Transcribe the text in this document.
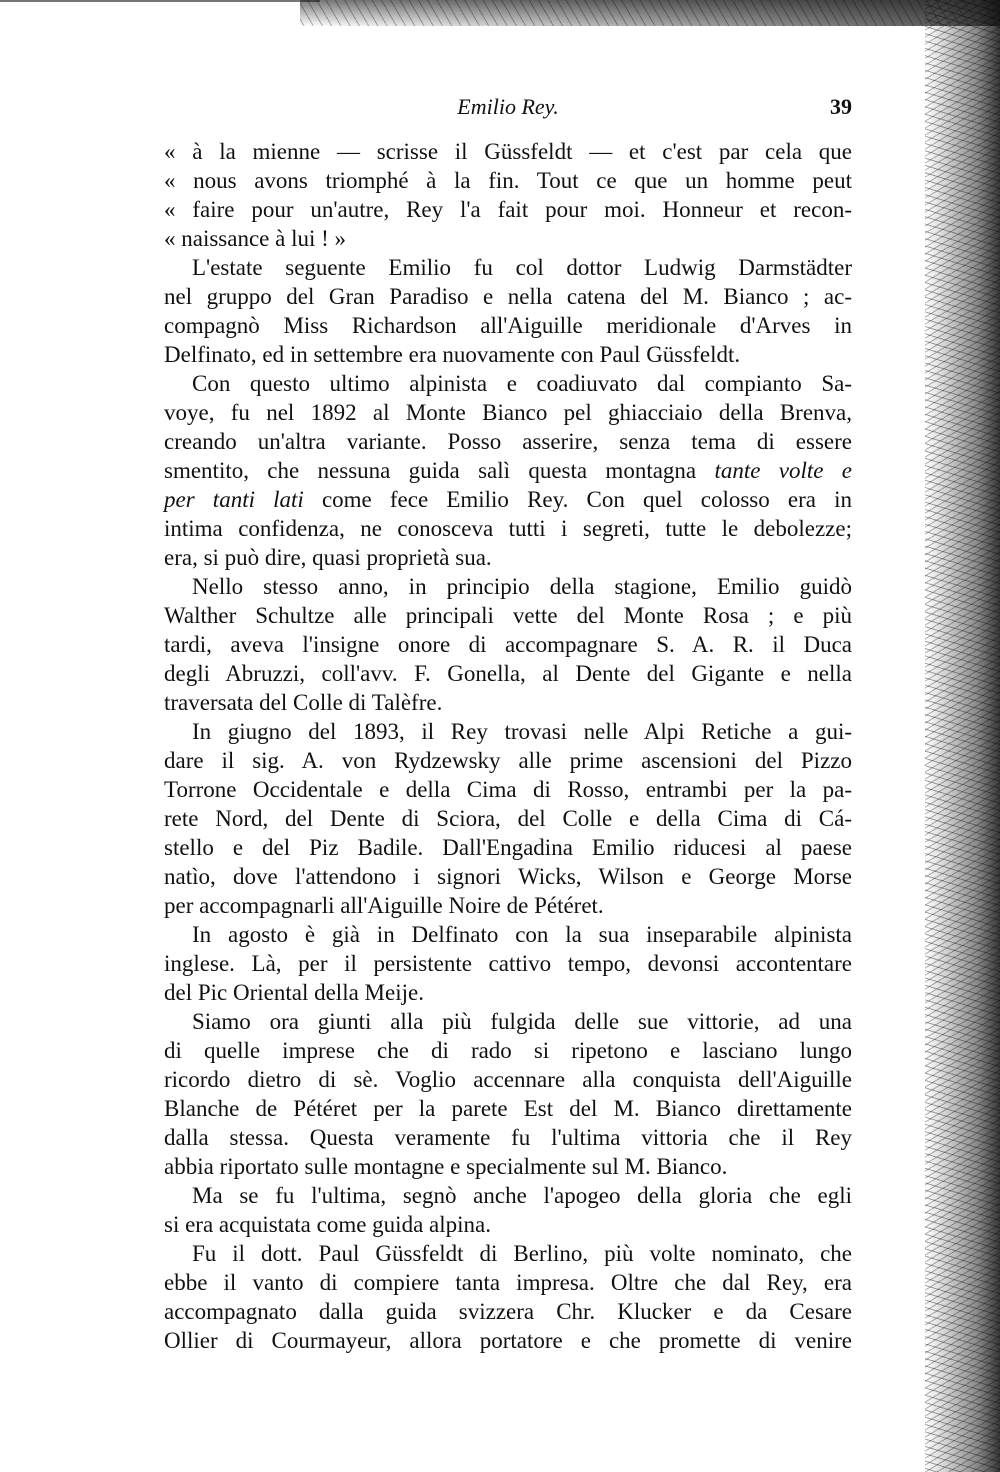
Emilio Rey.	39
« à la mienne — scrisse il Güssfeldt — et c'est par cela que
« nous avons triomphé à la fin. Tout ce que un homme peut
« faire pour un'autre, Rey l'a fait pour moi. Honneur et recon-
« naissance à lui ! »
L'estate seguente Emilio fu col dottor Ludwig Darmstädter
nel gruppo del Gran Paradiso e nella catena del M. Bianco ; ac-
compagnò Miss Richardson all'Aiguille meridionale d'Arves in
Delfinato, ed in settembre era nuovamente con Paul Güssfeldt.
Con questo ultimo alpinista e coadiuvato dal compianto Sa-
voye, fu nel 1892 al Monte Bianco pel ghiacciaio della Brenva,
creando un'altra variante. Posso asserire, senza tema di essere
smentito, che nessuna guida salì questa montagna tante volte e
per tanti lati come fece Emilio Rey. Con quel colosso era in
intima confidenza, ne conosceva tutti i segreti, tutte le debolezze;
era, si può dire, quasi proprietà sua.
Nello stesso anno, in principio della stagione, Emilio guidò
Walther Schultze alle principali vette del Monte Rosa ; e più
tardi, aveva l'insigne onore di accompagnare S. A. R. il Duca
degli Abruzzi, coll'avv. F. Gonella, al Dente del Gigante e nella
traversata del Colle di Talèfre.
In giugno del 1893, il Rey trovasi nelle Alpi Retiche a gui-
dare il sig. A. von Rydzewsky alle prime ascensioni del Pizzo
Torrone Occidentale e della Cima di Rosso, entrambi per la pa-
rete Nord, del Dente di Sciora, del Colle e della Cima di Cá-
stello e del Piz Badile. Dall'Engadina Emilio riducesi al paese
natìo, dove l'attendono i signori Wicks, Wilson e George Morse
per accompagnarli all'Aiguille Noire de Pétéret.
In agosto è già in Delfinato con la sua inseparabile alpinista
inglese. Là, per il persistente cattivo tempo, devonsi accontentare
del Pic Oriental della Meije.
Siamo ora giunti alla più fulgida delle sue vittorie, ad una
di quelle imprese che di rado si ripetono e lasciano lungo
ricordo dietro di sè. Voglio accennare alla conquista dell'Aiguille
Blanche de Pétéret per la parete Est del M. Bianco direttamente
dalla stessa. Questa veramente fu l'ultima vittoria che il Rey
abbia riportato sulle montagne e specialmente sul M. Bianco.
Ma se fu l'ultima, segnò anche l'apogeo della gloria che egli
si era acquistata come guida alpina.
Fu il dott. Paul Güssfeldt di Berlino, più volte nominato, che
ebbe il vanto di compiere tanta impresa. Oltre che dal Rey, era
accompagnato dalla guida svizzera Chr. Klucker e da Cesare
Ollier di Courmayeur, allora portatore e che promette di venire
